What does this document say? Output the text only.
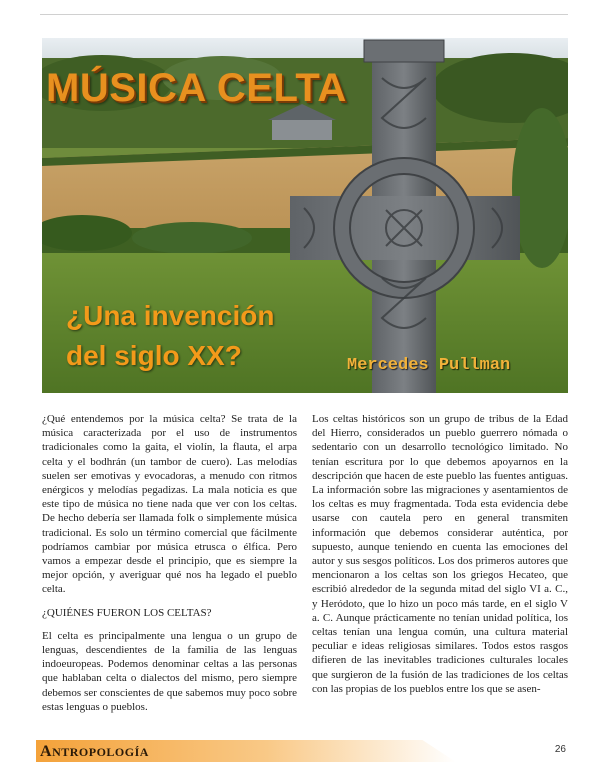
MÚSICA CELTA
¿Una invención del siglo XX?	Mercedes Pullman

¿Qué entendemos por la música celta? Se trata de la música caracterizada por el uso de instrumentos tradicionales como la gaita, el violín, la flauta, el arpa celta y el bodhrán (un tambor de cuero). Las melodías suelen ser emotivas y evocadoras, a menudo con ritmos enérgicos y melodías pegadizas. La mala noticia es que este tipo de música no tiene nada que ver con los celtas. De hecho debería ser llamada folk o simplemente música tradicional. Es solo un término comercial que fácilmente podríamos cambiar por música etrusca o élfica. Pero vamos a empezar desde el principio, que es siempre la mejor opción, y averiguar qué nos ha legado el pueblo celta.

¿QUIÉNES FUERON LOS CELTAS?

El celta es principalmente una lengua o un grupo de lenguas, descendientes de la familia de las lenguas indoeuropeas. Podemos denominar celtas a las personas que hablaban celta o dialectos del mismo, pero siempre debemos ser conscientes de que sabemos muy poco sobre estas lenguas o pueblos.

Los celtas históricos son un grupo de tribus de la Edad del Hierro, considerados un pueblo guerrero nómada o sedentario con un desarrollo tecnológico limitado. No tenían escritura por lo que debemos apoyarnos en la descripción que hacen de este pueblo las fuentes antiguas. La información sobre las migraciones y asentamientos de los celtas es muy fragmentada. Toda esta evidencia debe usarse con cautela pero en general transmiten información que debemos considerar auténtica, por supuesto, aunque teniendo en cuenta las emociones del autor y sus sesgos políticos. Los dos primeros autores que mencionaron a los celtas son los griegos Hecateo, que escribió alrededor de la segunda mitad del siglo VI a. C., y Heródoto, que lo hizo un poco más tarde, en el siglo V a. C. Aunque prácticamente no tenían unidad política, los celtas tenían una lengua común, una cultura material peculiar e ideas religiosas similares. Todos estos rasgos difieren de las inevitables tradiciones culturales locales que surgieron de la fusión de las tradiciones de los celtas con las propias de los pueblos entre los que se asen-

ANTROPOLOGÍA	26
